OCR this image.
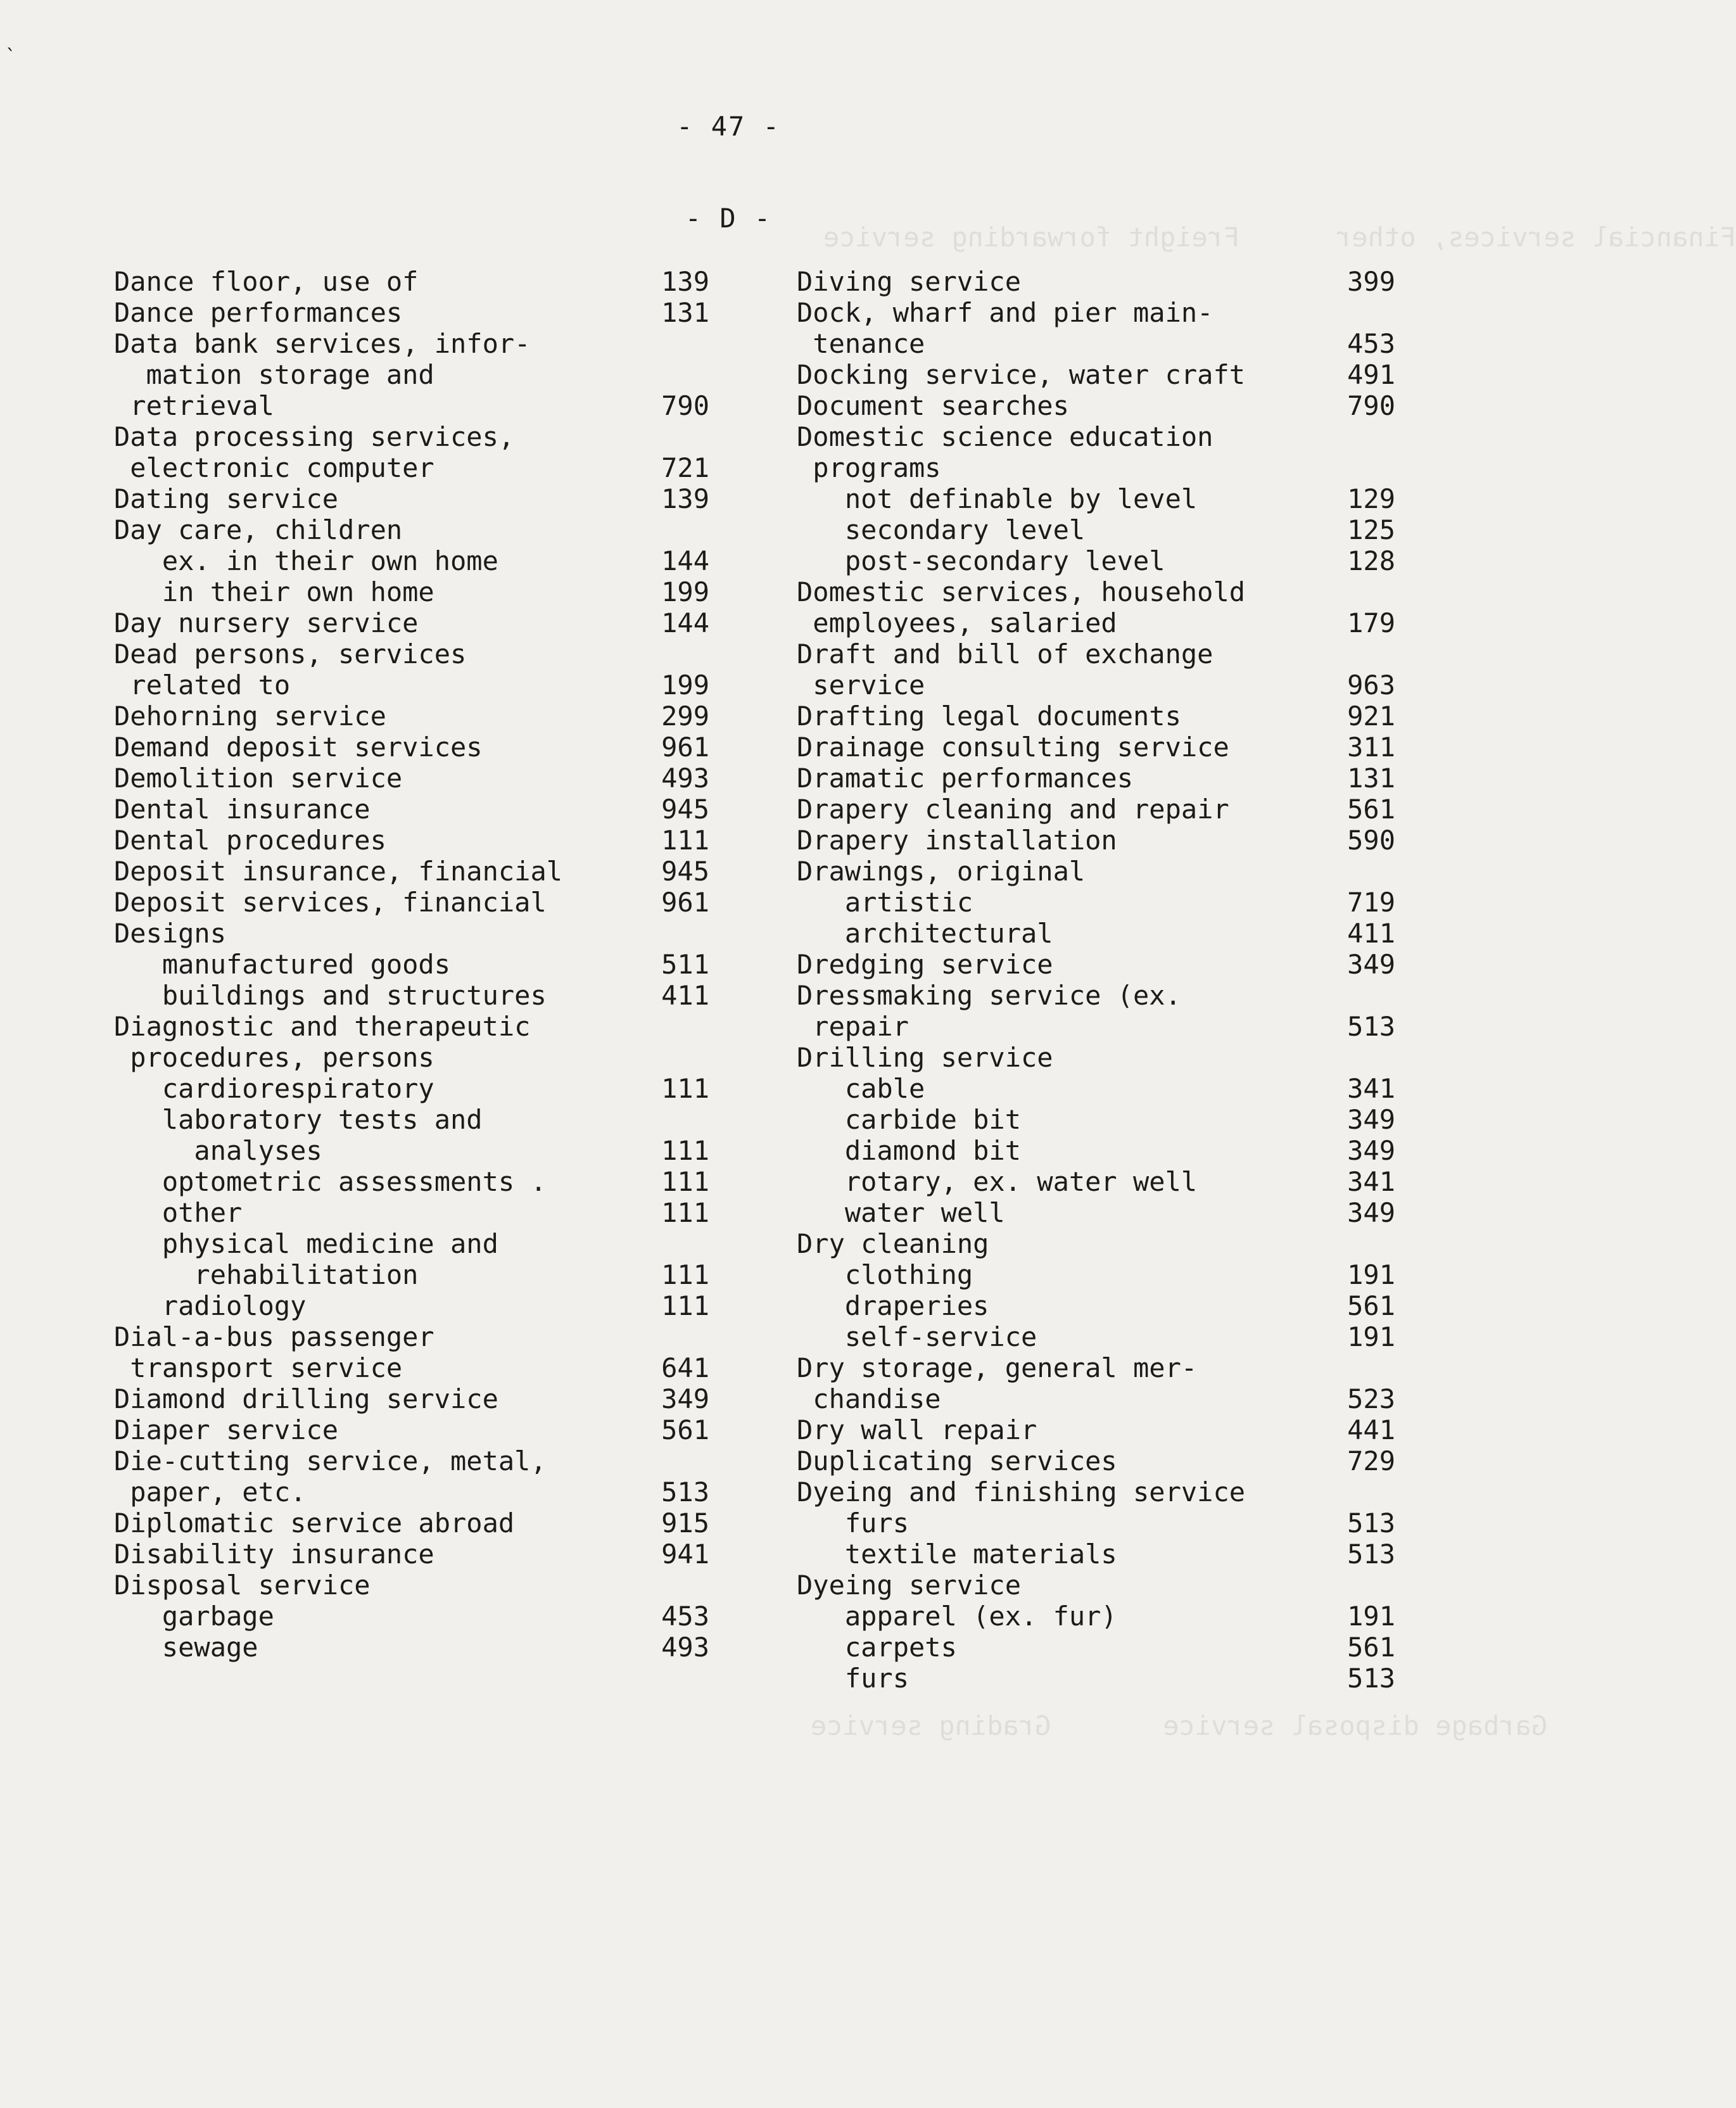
Financial services, other      Freight forwarding service
Garbage disposal service       Grading service
`
- 47 -
- D -
Dance floor, use of	139
Dance performances	131
Data bank services, infor-
mation storage and
retrieval	790
Data processing services,
electronic computer	721
Dating service	139
Day care, children
ex. in their own home	144
in their own home	199
Day nursery service	144
Dead persons, services
related to	199
Dehorning service	299
Demand deposit services	961
Demolition service	493
Dental insurance	945
Dental procedures	111
Deposit insurance, financial	945
Deposit services, financial	961
Designs
manufactured goods	511
buildings and structures	411
Diagnostic and therapeutic
procedures, persons
cardiorespiratory	111
laboratory tests and
analyses	111
optometric assessments .	111
other	111
physical medicine and
rehabilitation	111
radiology	111
Dial-a-bus passenger
transport service	641
Diamond drilling service	349
Diaper service	561
Die-cutting service, metal,
paper, etc.	513
Diplomatic service abroad	915
Disability insurance	941
Disposal service
garbage	453
sewage	493
Diving service	399
Dock, wharf and pier main-
tenance	453
Docking service, water craft	491
Document searches	790
Domestic science education
programs
not definable by level	129
secondary level	125
post-secondary level	128
Domestic services, household
employees, salaried	179
Draft and bill of exchange
service	963
Drafting legal documents	921
Drainage consulting service	311
Dramatic performances	131
Drapery cleaning and repair	561
Drapery installation	590
Drawings, original
artistic	719
architectural	411
Dredging service	349
Dressmaking service (ex.
repair	513
Drilling service
cable	341
carbide bit	349
diamond bit	349
rotary, ex. water well	341
water well	349
Dry cleaning
clothing	191
draperies	561
self-service	191
Dry storage, general mer-
chandise	523
Dry wall repair	441
Duplicating services	729
Dyeing and finishing service
furs	513
textile materials	513
Dyeing service
apparel (ex. fur)	191
carpets	561
furs	513
